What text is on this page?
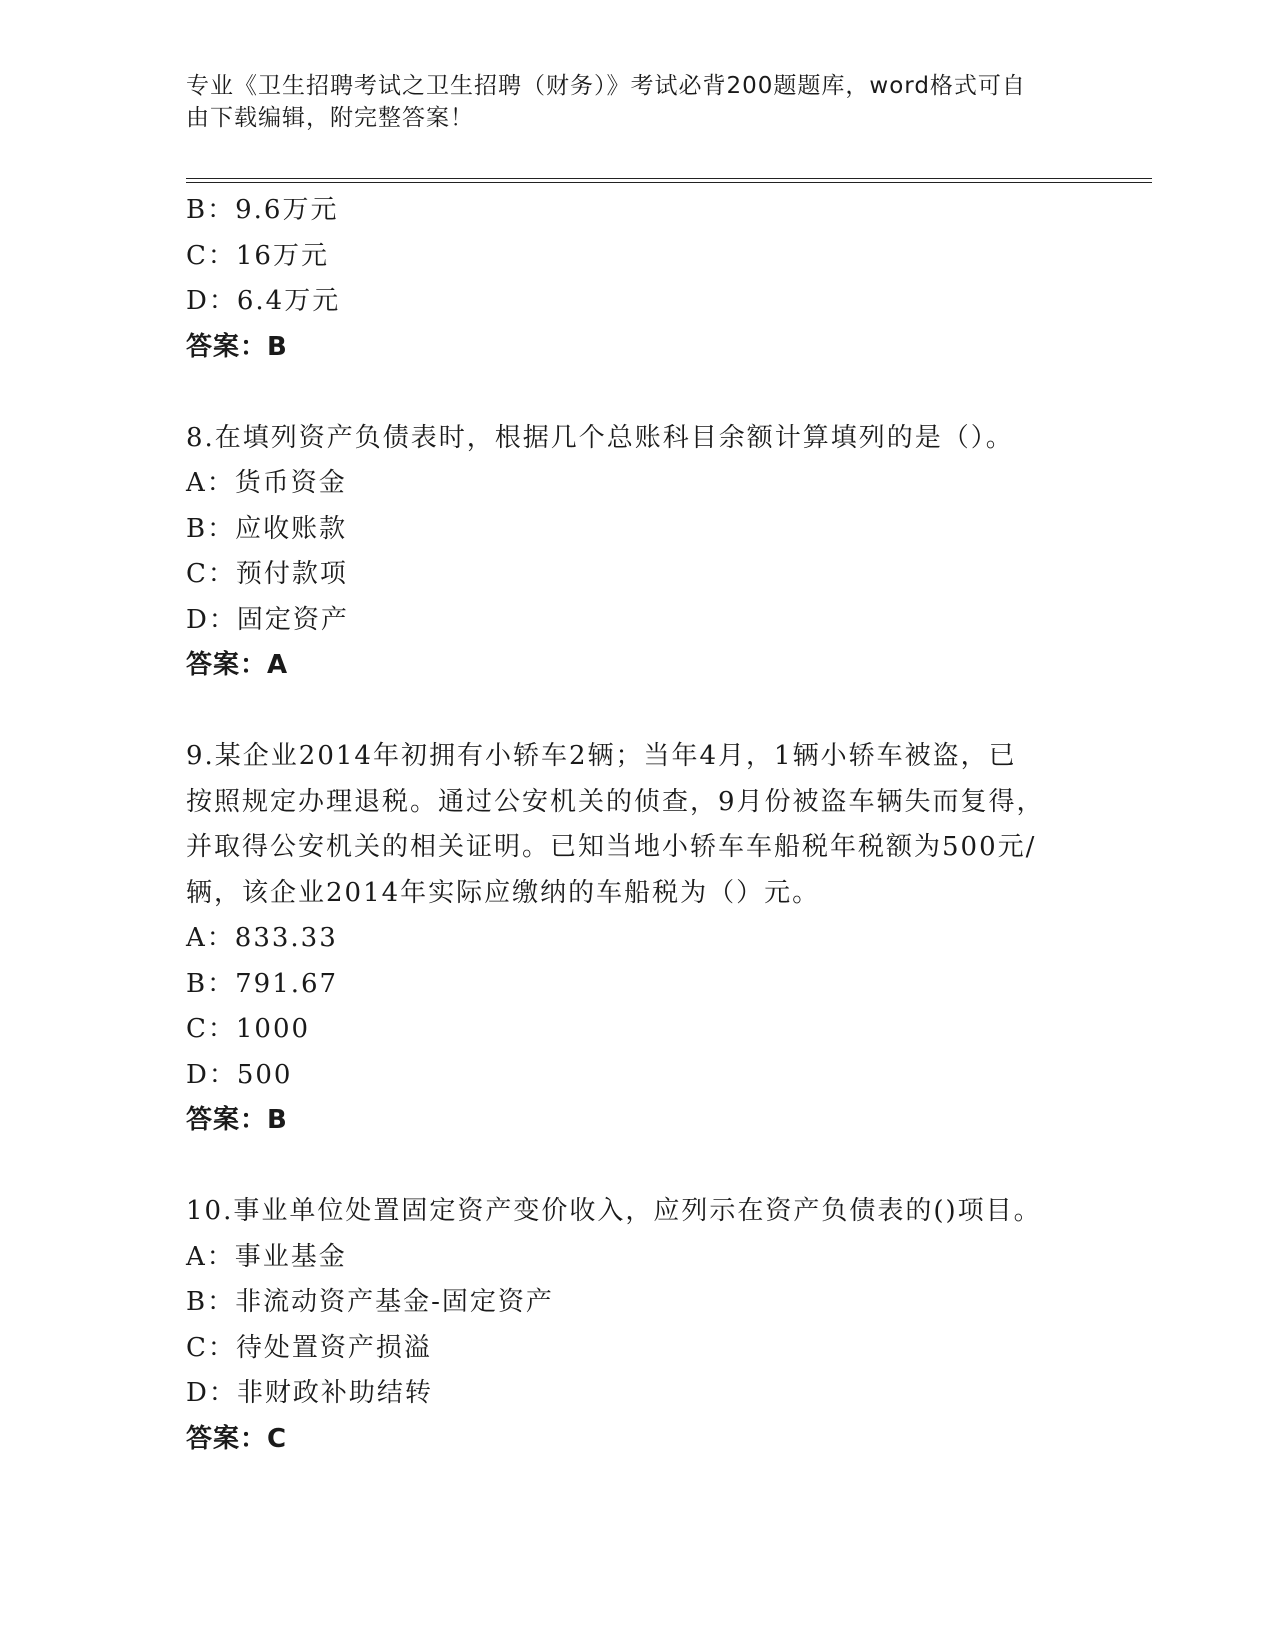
专业《卫生招聘考试之卫生招聘（财务）》考试必背200题题库，word格式可自
由下载编辑，附完整答案！
B：9.6万元
C：16万元
D：6.4万元
答案：B
8.在填列资产负债表时，根据几个总账科目余额计算填列的是（）。
A：货币资金
B：应收账款
C：预付款项
D：固定资产
答案：A
9.某企业2014年初拥有小轿车2辆；当年4月，1辆小轿车被盗，已
按照规定办理退税。通过公安机关的侦查，9月份被盗车辆失而复得，
并取得公安机关的相关证明。已知当地小轿车车船税年税额为500元/
辆，该企业2014年实际应缴纳的车船税为（）元。
A：833.33
B：791.67
C：1000
D：500
答案：B
10.事业单位处置固定资产变价收入，应列示在资产负债表的()项目。
A：事业基金
B：非流动资产基金-固定资产
C：待处置资产损溢
D：非财政补助结转
答案：C
